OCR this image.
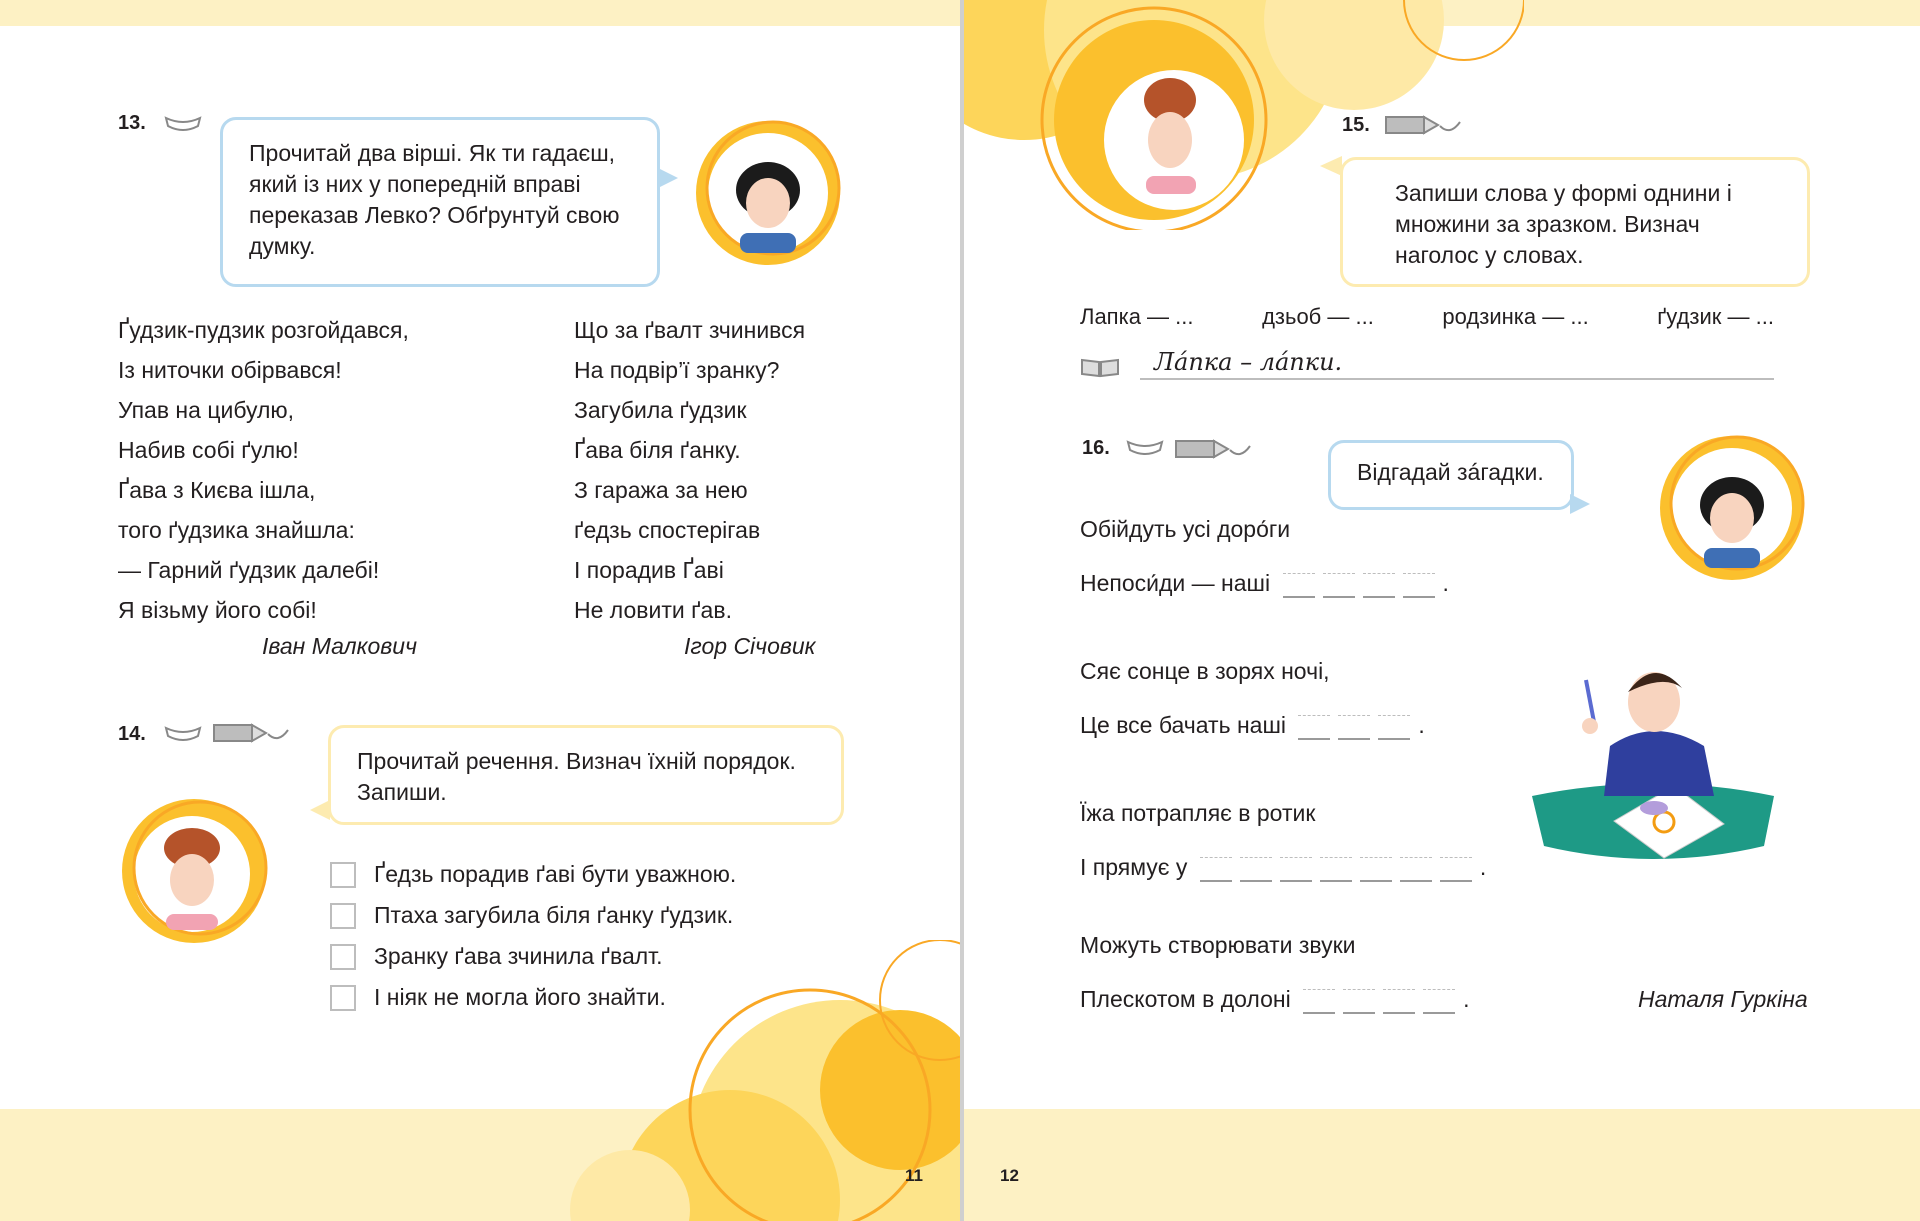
13.
Прочитай два вірші. Як ти гадаєш, який із них у попередній вправі переказав Левко? Обґрунтуй свою думку.
Ґудзик-пудзик розгойдався,
Із ниточки обірвався!
Упав на цибулю,
Набив собі ґулю!
Ґава з Києва ішла,
того ґудзика знайшла:
— Гарний ґудзик далебі!
Я візьму його собі!
Іван Малкович
Що за ґвалт зчинився
На подвір’ї зранку?
Загубила ґудзик
Ґава біля ґанку.
З гаража за нею
ґедзь спостерігав
І порадив Ґаві
Не ловити ґав.
Ігор Січовик
14.
Прочитай речення. Визнач їхній порядок. Запиши.
Ґедзь порадив ґаві бути уважною.
Птаха загубила біля ґанку ґудзик.
Зранку ґава зчинила ґвалт.
І ніяк не могла його знайти.
11
15.
Запиши слова у формі однини і множини за зразком. Визнач наголос у словах.
Лапка — ...	дзьоб — ...	родзинка — ...	ґудзик — ...
Ла́пка – ла́пки.
16.
Відгадай зáгадки.
Обійдуть усі доро́ги
Непоси́ди — наші	.
Сяє сонце в зорях ночі,
Це все бачать наші	.
Їжа потрапляє в ротик
І прямує у	.
Можуть створювати звуки
Плескотом в долоні	.	Наталя Гуркіна
12
